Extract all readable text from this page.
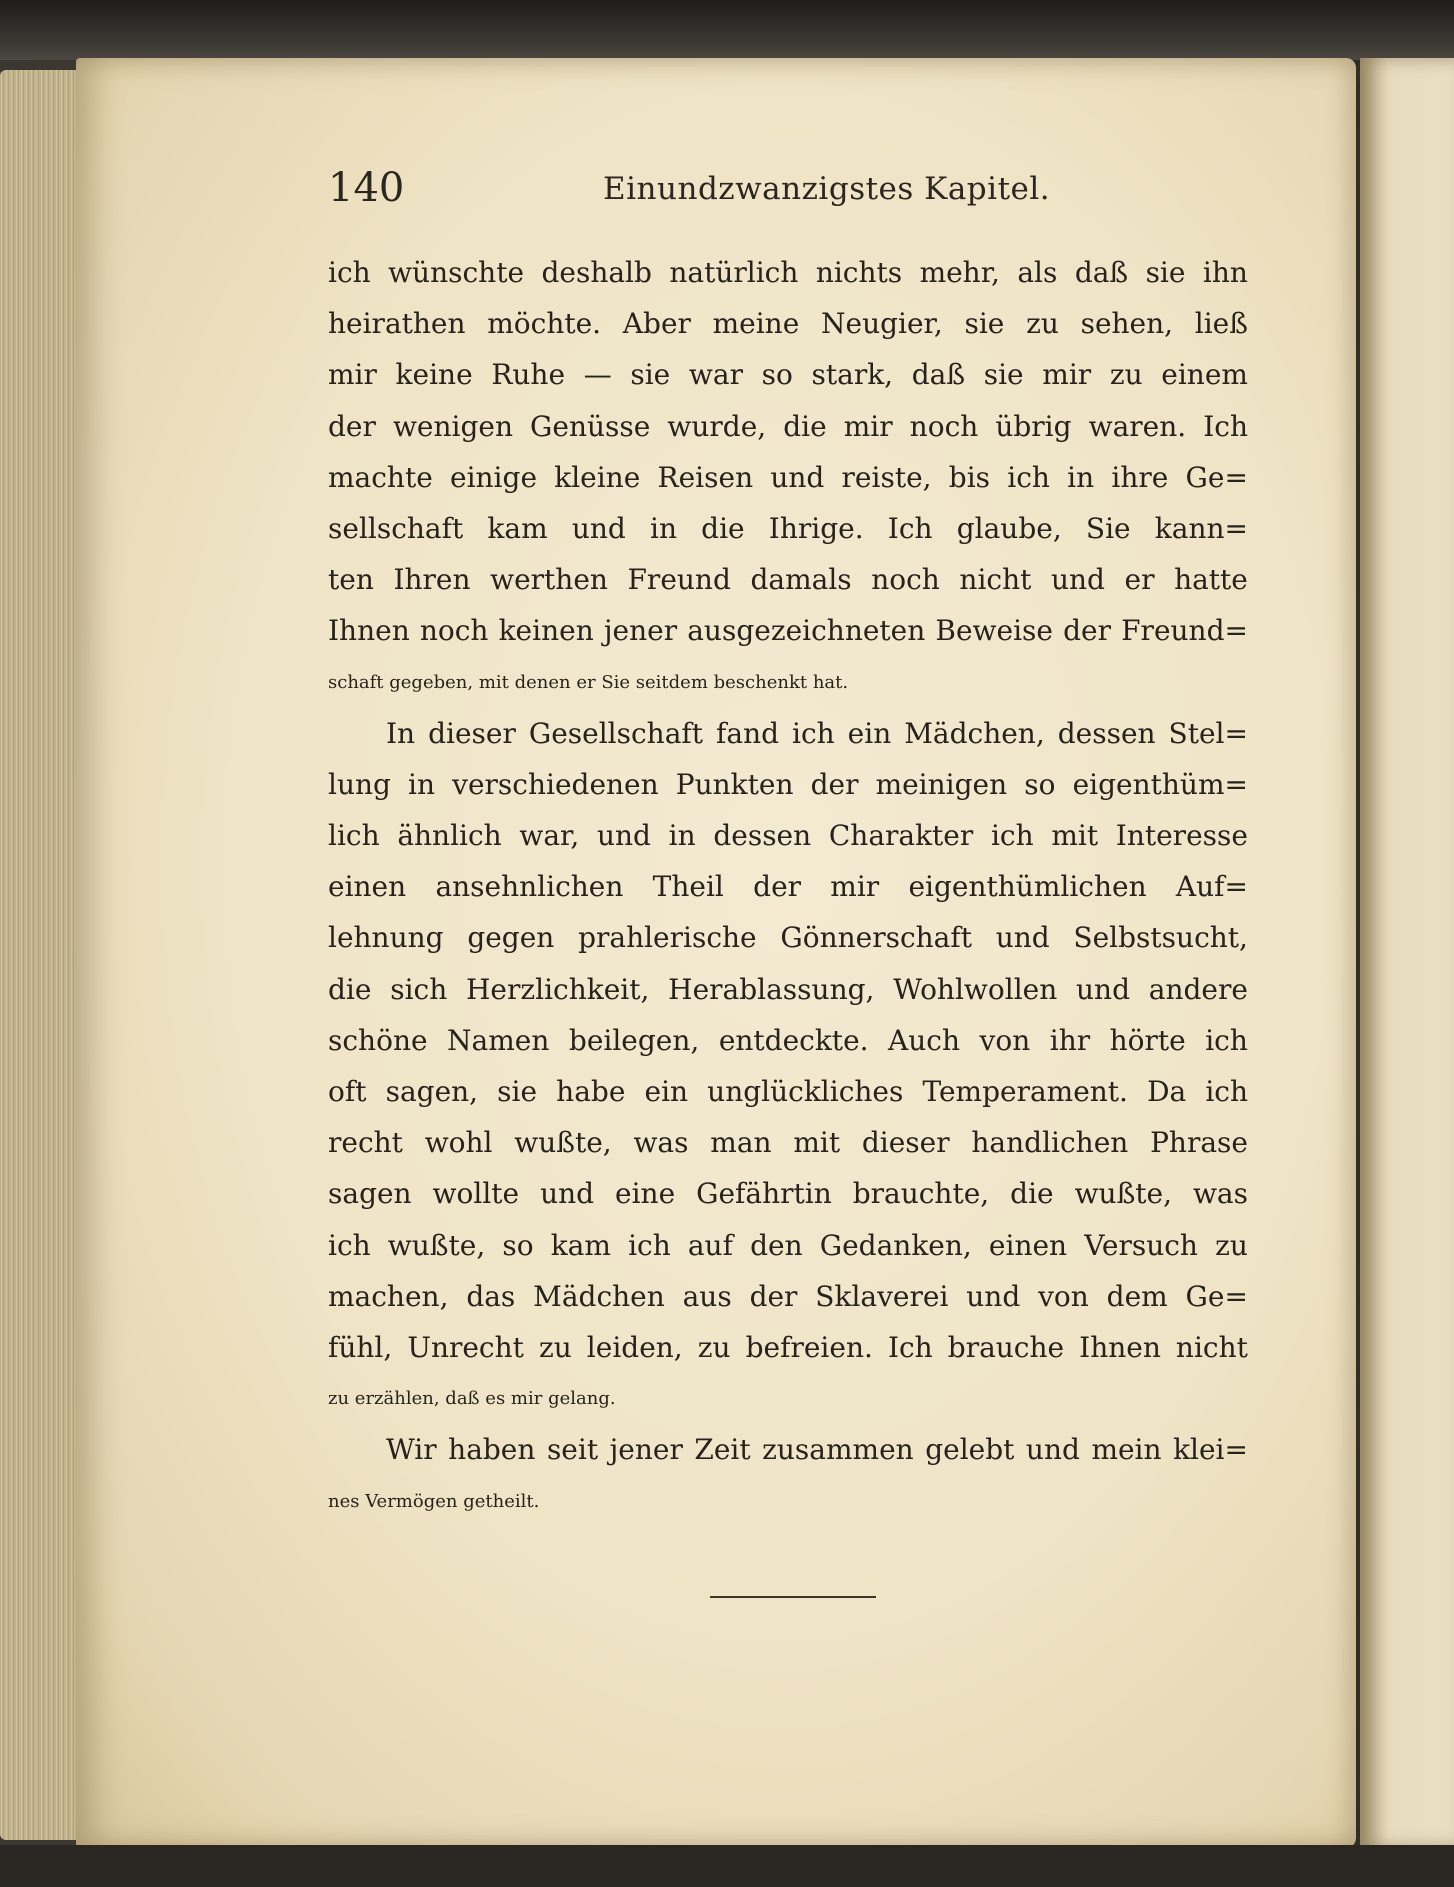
140	Einundzwanzigstes Kapitel.
ich wünschte deshalb natürlich nichts mehr, als daß sie ihn
heirathen möchte. Aber meine Neugier, sie zu sehen, ließ
mir keine Ruhe — sie war so stark, daß sie mir zu einem
der wenigen Genüsse wurde, die mir noch übrig waren. Ich
machte einige kleine Reisen und reiste, bis ich in ihre Ge=
sellschaft kam und in die Ihrige. Ich glaube, Sie kann=
ten Ihren werthen Freund damals noch nicht und er hatte
Ihnen noch keinen jener ausgezeichneten Beweise der Freund=
schaft gegeben, mit denen er Sie seitdem beschenkt hat.
In dieser Gesellschaft fand ich ein Mädchen, dessen Stel=
lung in verschiedenen Punkten der meinigen so eigenthüm=
lich ähnlich war, und in dessen Charakter ich mit Interesse
einen ansehnlichen Theil der mir eigenthümlichen Auf=
lehnung gegen prahlerische Gönnerschaft und Selbstsucht,
die sich Herzlichkeit, Herablassung, Wohlwollen und andere
schöne Namen beilegen, entdeckte. Auch von ihr hörte ich
oft sagen, sie habe ein unglückliches Temperament. Da ich
recht wohl wußte, was man mit dieser handlichen Phrase
sagen wollte und eine Gefährtin brauchte, die wußte, was
ich wußte, so kam ich auf den Gedanken, einen Versuch zu
machen, das Mädchen aus der Sklaverei und von dem Ge=
fühl, Unrecht zu leiden, zu befreien. Ich brauche Ihnen nicht
zu erzählen, daß es mir gelang.
Wir haben seit jener Zeit zusammen gelebt und mein klei=
nes Vermögen getheilt.
